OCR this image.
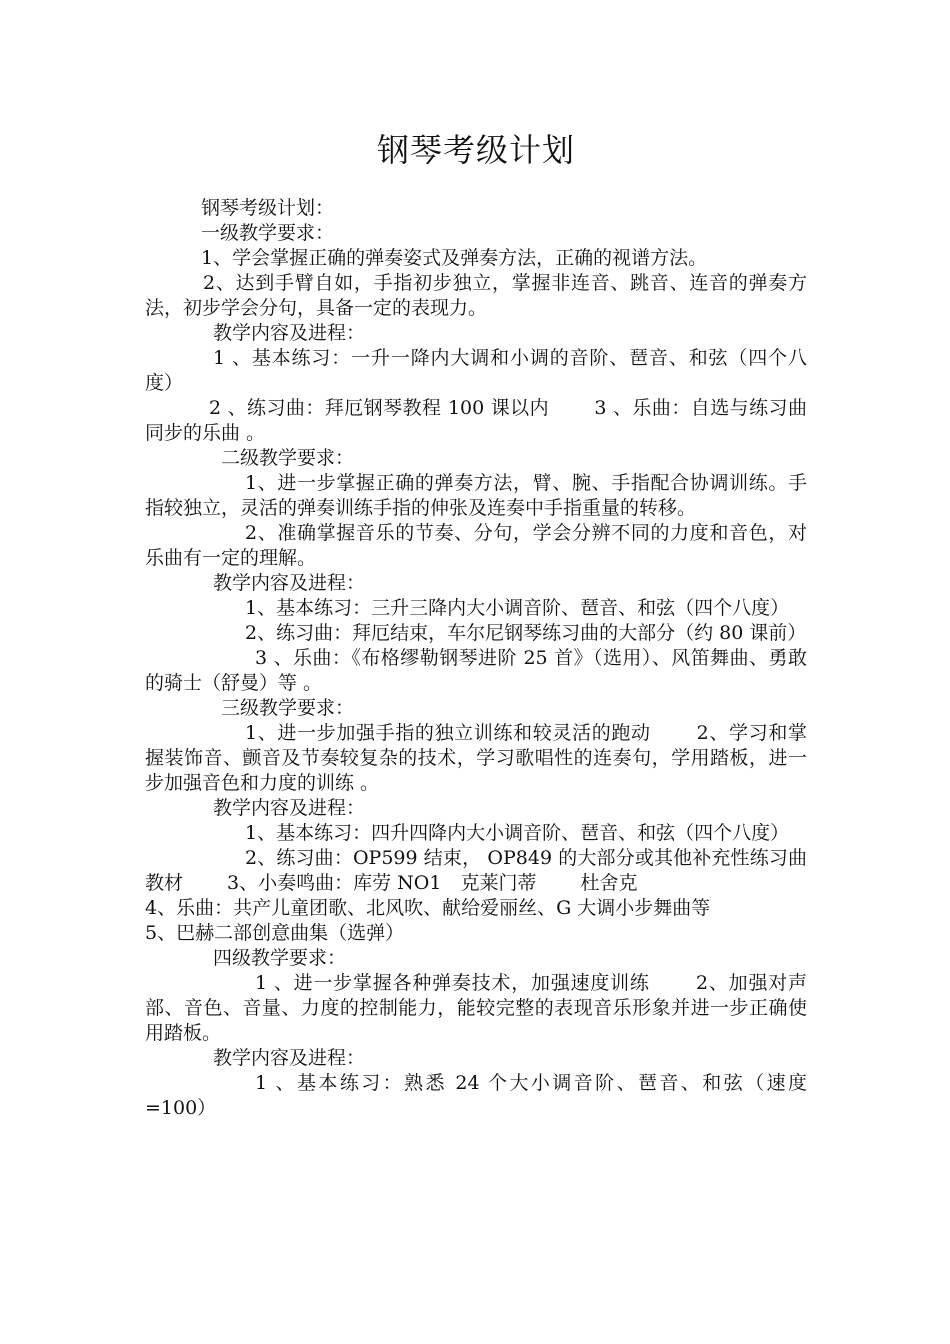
钢琴考级计划

钢琴考级计划：

一级教学要求：

1、学会掌握正确的弹奏姿式及弹奏方法，正确的视谱方法。

2、达到手臂自如，手指初步独立，掌握非连音、跳音、连音的弹奏方法，初步学会分句，具备一定的表现力。

教学内容及进程：

1 、基本练习：一升一降内大调和小调的音阶、琶音、和弦（四个八度）

2 、练习曲：拜厄钢琴教程 100 课以内　　 3 、乐曲：自选与练习曲同步的乐曲 。

二级教学要求：

1、进一步掌握正确的弹奏方法，臂、腕、手指配合协调训练。手指较独立，灵活的弹奏训练手指的伸张及连奏中手指重量的转移。

2、准确掌握音乐的节奏、分句，学会分辨不同的力度和音色，对乐曲有一定的理解。

教学内容及进程：

1、基本练习：三升三降内大小调音阶、琶音、和弦（四个八度）

2、练习曲：拜厄结束，车尔尼钢琴练习曲的大部分（约 80 课前）

3 、乐曲：《布格缪勒钢琴进阶 25 首》（选用）、风笛舞曲、勇敢的骑士（舒曼）等 。

三级教学要求：

1、进一步加强手指的独立训练和较灵活的跑动　　 2、学习和掌握装饰音、颤音及节奏较复杂的技术，学习歌唱性的连奏句，学用踏板，进一步加强音色和力度的训练 。

教学内容及进程：

1、基本练习：四升四降内大小调音阶、琶音、和弦（四个八度）

2、练习曲：OP599 结束， OP849 的大部分或其他补充性练习曲教材　　 3、小奏鸣曲：库劳 NO1　克莱门蒂　　 杜舍克

4、乐曲：共产儿童团歌、北风吹、献给爱丽丝、G 大调小步舞曲等

5、巴赫二部创意曲集（选弹）

四级教学要求：

1 、进一步掌握各种弹奏技术，加强速度训练　　 2、加强对声部、音色、音量、力度的控制能力，能较完整的表现音乐形象并进一步正确使用踏板。

教学内容及进程：

1 、基本练习：熟悉 24 个大小调音阶、琶音、和弦（速度 =100）
